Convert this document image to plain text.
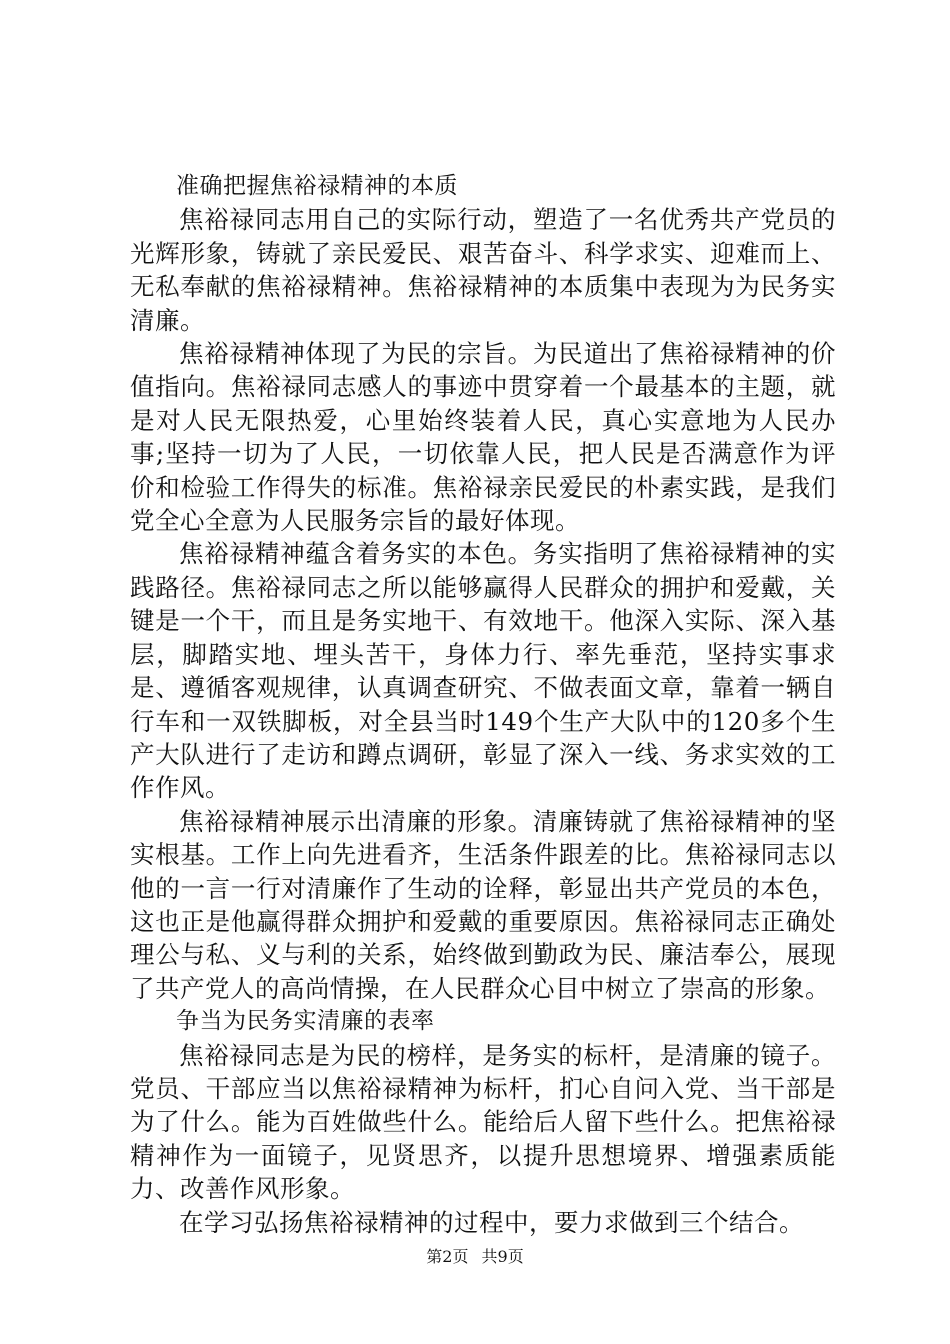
准确把握焦裕禄精神的本质

焦裕禄同志用自己的实际行动，塑造了一名优秀共产党员的光辉形象，铸就了亲民爱民、艰苦奋斗、科学求实、迎难而上、无私奉献的焦裕禄精神。焦裕禄精神的本质集中表现为为民务实清廉。

焦裕禄精神体现了为民的宗旨。为民道出了焦裕禄精神的价值指向。焦裕禄同志感人的事迹中贯穿着一个最基本的主题，就是对人民无限热爱，心里始终装着人民，真心实意地为人民办事;坚持一切为了人民，一切依靠人民，把人民是否满意作为评价和检验工作得失的标准。焦裕禄亲民爱民的朴素实践，是我们党全心全意为人民服务宗旨的最好体现。

焦裕禄精神蕴含着务实的本色。务实指明了焦裕禄精神的实践路径。焦裕禄同志之所以能够赢得人民群众的拥护和爱戴，关键是一个干，而且是务实地干、有效地干。他深入实际、深入基层，脚踏实地、埋头苦干，身体力行、率先垂范，坚持实事求是、遵循客观规律，认真调查研究、不做表面文章，靠着一辆自行车和一双铁脚板，对全县当时149个生产大队中的120多个生产大队进行了走访和蹲点调研，彰显了深入一线、务求实效的工作作风。

焦裕禄精神展示出清廉的形象。清廉铸就了焦裕禄精神的坚实根基。工作上向先进看齐，生活条件跟差的比。焦裕禄同志以他的一言一行对清廉作了生动的诠释，彰显出共产党员的本色，这也正是他赢得群众拥护和爱戴的重要原因。焦裕禄同志正确处理公与私、义与利的关系，始终做到勤政为民、廉洁奉公，展现了共产党人的高尚情操，在人民群众心目中树立了崇高的形象。

争当为民务实清廉的表率

焦裕禄同志是为民的榜样，是务实的标杆，是清廉的镜子。党员、干部应当以焦裕禄精神为标杆，扪心自问入党、当干部是为了什么。能为百姓做些什么。能给后人留下些什么。把焦裕禄精神作为一面镜子，见贤思齐，以提升思想境界、增强素质能力、改善作风形象。

在学习弘扬焦裕禄精神的过程中，要力求做到三个结合。

第2页 共9页
